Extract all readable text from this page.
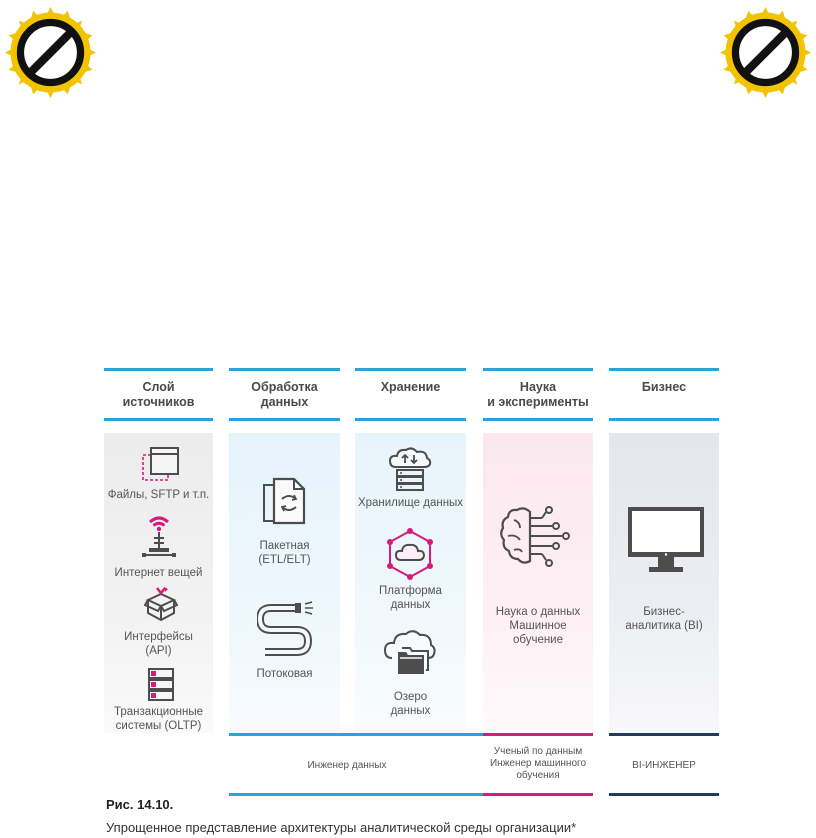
Слой
источников
Обработка
данных
Хранение	Наука
и эксперименты
Бизнес
Файлы, SFTP и т.п.
Интернет вещей
Интерфейсы
(API)
Транзакционные
системы (OLTP)
Пакетная
(ETL/ELT)
Потоковая
Хранилище данных
Платформа
данных
Озеро
данных
Наука о данных
Машинное
обучение
Бизнес-
аналитика (BI)
Инженер данных
Ученый по данным
Инженер машинного
обучения
BI-ИНЖЕНЕР
Рис. 14.10.
Упрощенное представление архитектуры аналитической среды организации*
